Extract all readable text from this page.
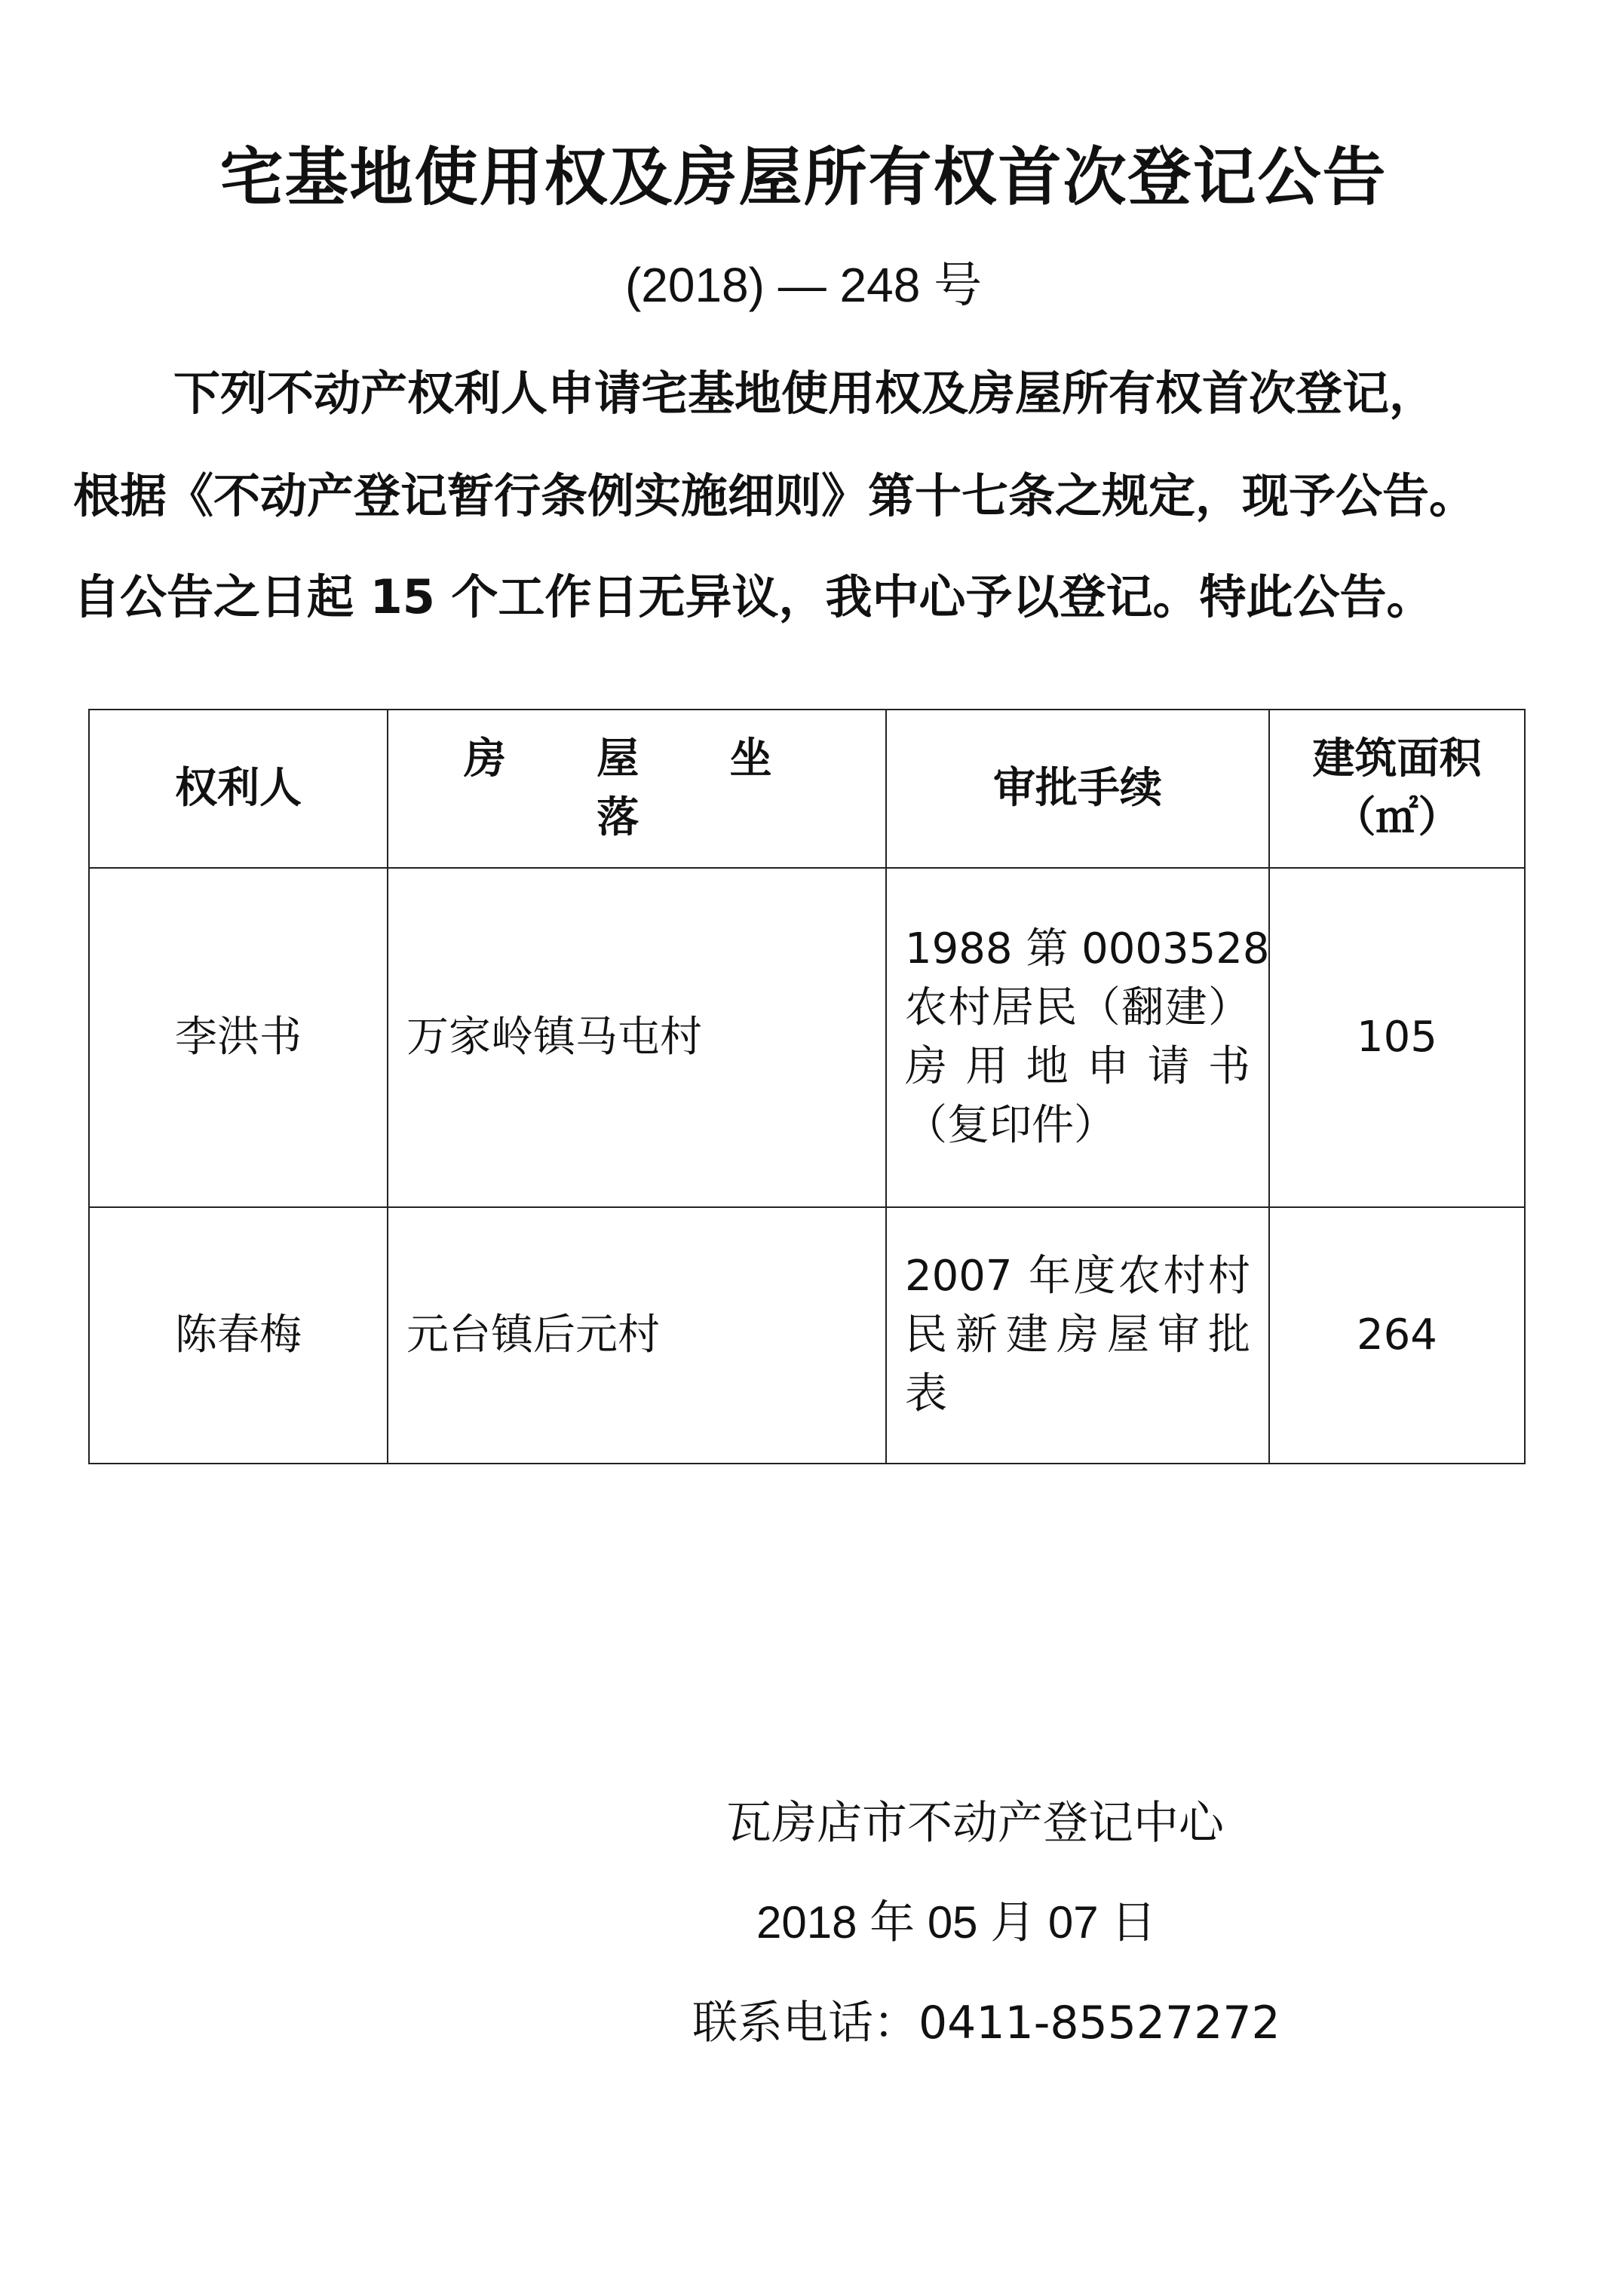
宅基地使用权及房屋所有权首次登记公告
(2018) — 248 号
下列不动产权利人申请宅基地使用权及房屋所有权首次登记，
根据《不动产登记暂行条例实施细则》第十七条之规定，现予公告。
自公告之日起 15 个工作日无异议，我中心予以登记。特此公告。
权利人	房 屋 坐 落	审批手续	建筑面积
（㎡）

李洪书	万家岭镇马屯村	1988 第 0003528
农村居民（翻建）
房用地申请书
（复印件）	105
陈春梅	元台镇后元村	2007 年度农村村
民新建房屋审批
表	264
瓦房店市不动产登记中心
2018 年 05 月 07 日
联系电话：0411-85527272
